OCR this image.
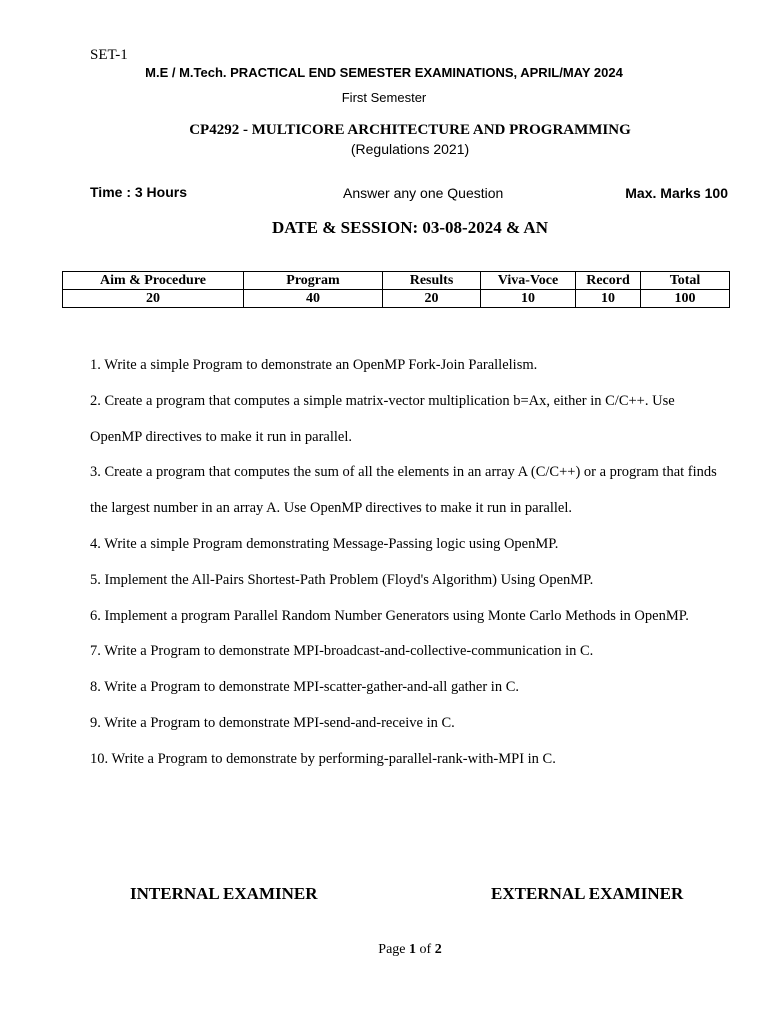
SET-1
M.E / M.Tech. PRACTICAL END SEMESTER EXAMINATIONS, APRIL/MAY 2024
First Semester
CP4292 - MULTICORE ARCHITECTURE AND PROGRAMMING
(Regulations 2021)
Time : 3 Hours	Answer any one Question	Max. Marks 100
DATE & SESSION: 03-08-2024 & AN
Aim & Procedure	Program	Results	Viva-Voce	Record	Total
20	40	20	10	10	100
1. Write a simple Program to demonstrate an OpenMP Fork-Join Parallelism.
2. Create a program that computes a simple matrix-vector multiplication b=Ax, either in C/C++. Use OpenMP directives to make it run in parallel.
3. Create a program that computes the sum of all the elements in an array A (C/C++) or a program that finds the largest number in an array A. Use OpenMP directives to make it run in parallel.
4. Write a simple Program demonstrating Message-Passing logic using OpenMP.
5. Implement the All-Pairs Shortest-Path Problem (Floyd's Algorithm) Using OpenMP.
6. Implement a program Parallel Random Number Generators using Monte Carlo Methods in OpenMP.
7. Write a Program to demonstrate MPI-broadcast-and-collective-communication in C.
8. Write a Program to demonstrate MPI-scatter-gather-and-all gather in C.
9. Write a Program to demonstrate MPI-send-and-receive in C.
10. Write a Program to demonstrate by performing-parallel-rank-with-MPI in C.
INTERNAL EXAMINER	EXTERNAL EXAMINER
Page 1 of 2
